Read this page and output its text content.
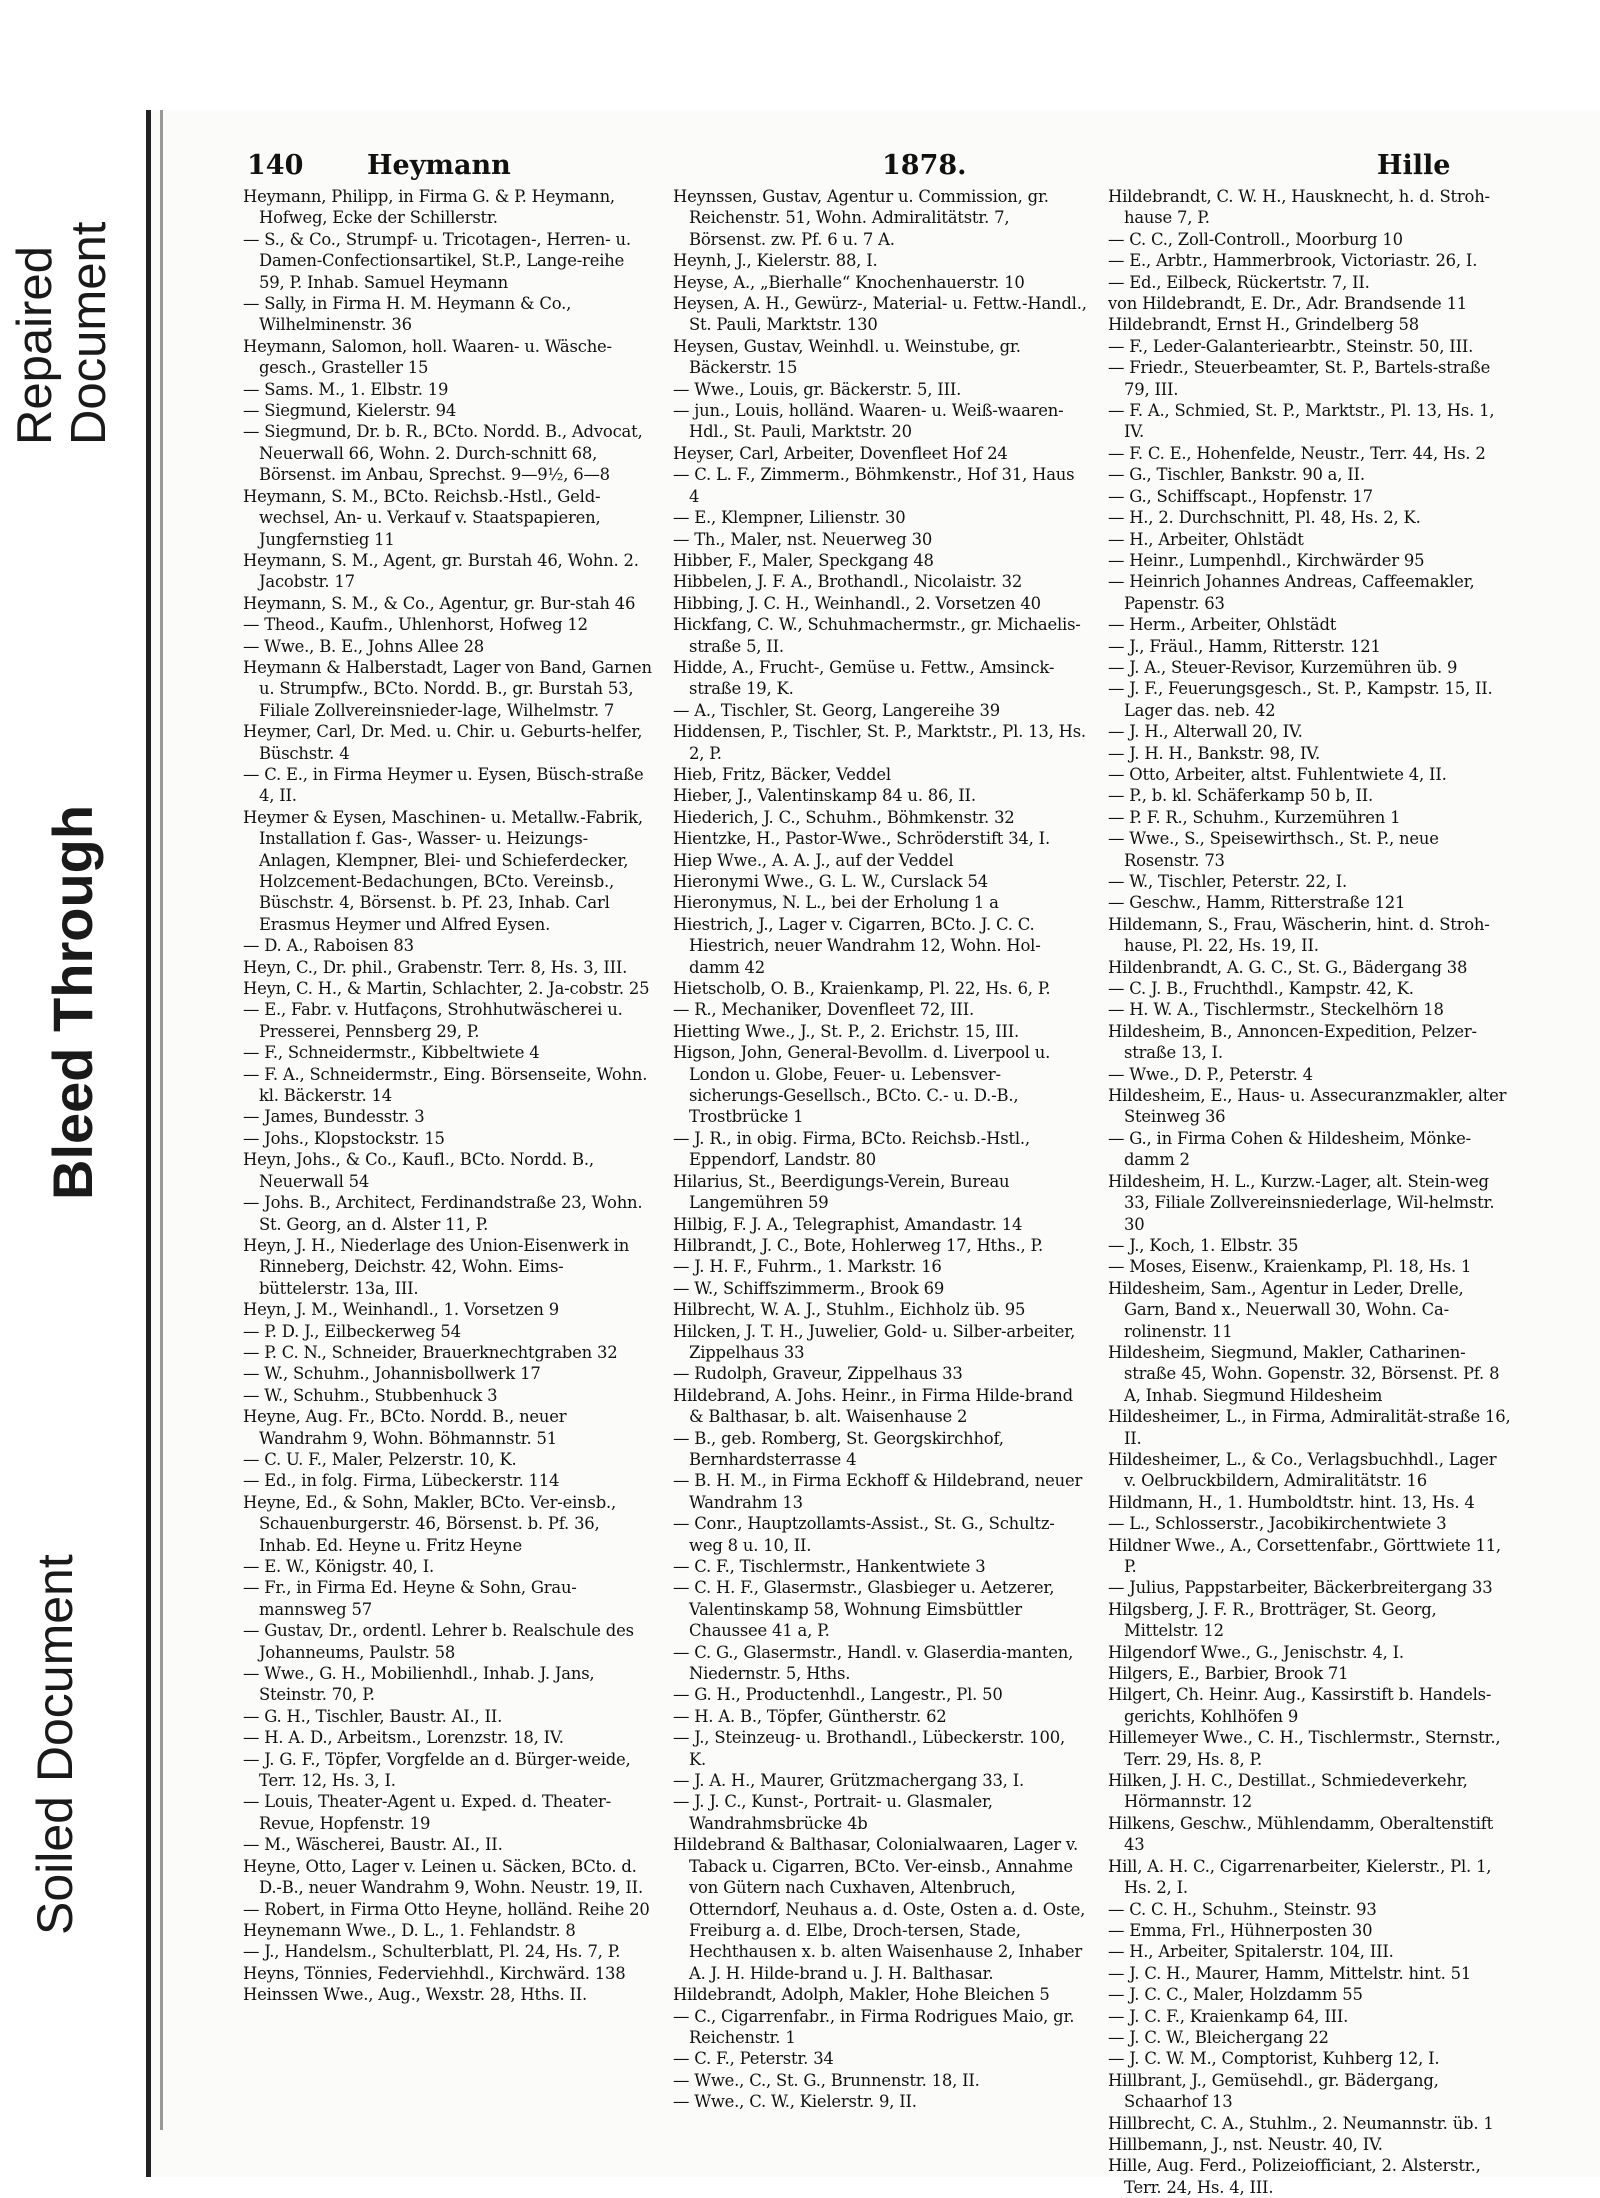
Repaired Document
Bleed Through
Soiled Document
140 Heymann	1878.	Hille
Heymann, Philipp, in Firma G. & P. Heymann, Hofweg, Ecke der Schillerstr.
— S., & Co., Strumpf- u. Tricotagen-, Herren- u. Damen-Confectionsartikel, St.P., Lange-reihe 59, P. Inhab. Samuel Heymann
— Sally, in Firma H. M. Heymann & Co., Wilhelminenstr. 36
Heymann, Salomon, holl. Waaren- u. Wäsche-gesch., Grasteller 15
— Sams. M., 1. Elbstr. 19
— Siegmund, Kielerstr. 94
— Siegmund, Dr. b. R., BCto. Nordd. B., Advocat, Neuerwall 66, Wohn. 2. Durch-schnitt 68, Börsenst. im Anbau, Sprechst. 9—9½, 6—8
Heymann, S. M., BCto. Reichsb.-Hstl., Geld-wechsel, An- u. Verkauf v. Staatspapieren, Jungfernstieg 11
Heymann, S. M., Agent, gr. Burstah 46, Wohn. 2. Jacobstr. 17
Heymann, S. M., & Co., Agentur, gr. Bur-stah 46
— Theod., Kaufm., Uhlenhorst, Hofweg 12
— Wwe., B. E., Johns Allee 28
Heymann & Halberstadt, Lager von Band, Garnen u. Strumpfw., BCto. Nordd. B., gr. Burstah 53, Filiale Zollvereinsnieder-lage, Wilhelmstr. 7
Heymer, Carl, Dr. Med. u. Chir. u. Geburts-helfer, Büschstr. 4
— C. E., in Firma Heymer u. Eysen, Büsch-straße 4, II.
Heymer & Eysen, Maschinen- u. Metallw.-Fabrik, Installation f. Gas-, Wasser- u. Heizungs-Anlagen, Klempner, Blei- und Schieferdecker, Holzcement-Bedachungen, BCto. Vereinsb., Büschstr. 4, Börsenst. b. Pf. 23, Inhab. Carl Erasmus Heymer und Alfred Eysen.
— D. A., Raboisen 83
Heyn, C., Dr. phil., Grabenstr. Terr. 8, Hs. 3, III.
Heyn, C. H., & Martin, Schlachter, 2. Ja-cobstr. 25
— E., Fabr. v. Hutfaçons, Strohhutwäscherei u. Presserei, Pennsberg 29, P.
— F., Schneidermstr., Kibbeltwiete 4
— F. A., Schneidermstr., Eing. Börsenseite, Wohn. kl. Bäckerstr. 14
— James, Bundesstr. 3
— Johs., Klopstockstr. 15
Heyn, Johs., & Co., Kaufl., BCto. Nordd. B., Neuerwall 54
— Johs. B., Architect, Ferdinandstraße 23, Wohn. St. Georg, an d. Alster 11, P.
Heyn, J. H., Niederlage des Union-Eisenwerk in Rinneberg, Deichstr. 42, Wohn. Eims-büttelerstr. 13a, III.
Heyn, J. M., Weinhandl., 1. Vorsetzen 9
— P. D. J., Eilbeckerweg 54
— P. C. N., Schneider, Brauerknechtgraben 32
— W., Schuhm., Johannisbollwerk 17
— W., Schuhm., Stubbenhuck 3
Heyne, Aug. Fr., BCto. Nordd. B., neuer Wandrahm 9, Wohn. Böhmannstr. 51
— C. U. F., Maler, Pelzerstr. 10, K.
— Ed., in folg. Firma, Lübeckerstr. 114
Heyne, Ed., & Sohn, Makler, BCto. Ver-einsb., Schauenburgerstr. 46, Börsenst. b. Pf. 36, Inhab. Ed. Heyne u. Fritz Heyne
— E. W., Königstr. 40, I.
— Fr., in Firma Ed. Heyne & Sohn, Grau-mannsweg 57
— Gustav, Dr., ordentl. Lehrer b. Realschule des Johanneums, Paulstr. 58
— Wwe., G. H., Mobilienhdl., Inhab. J. Jans, Steinstr. 70, P.
— G. H., Tischler, Baustr. AI., II.
— H. A. D., Arbeitsm., Lorenzstr. 18, IV.
— J. G. F., Töpfer, Vorgfelde an d. Bürger-weide, Terr. 12, Hs. 3, I.
— Louis, Theater-Agent u. Exped. d. Theater-Revue, Hopfenstr. 19
— M., Wäscherei, Baustr. AI., II.
Heyne, Otto, Lager v. Leinen u. Säcken, BCto. d. D.-B., neuer Wandrahm 9, Wohn. Neustr. 19, II.
— Robert, in Firma Otto Heyne, holländ. Reihe 20
Heynemann Wwe., D. L., 1. Fehlandstr. 8
— J., Handelsm., Schulterblatt, Pl. 24, Hs. 7, P.
Heyns, Tönnies, Federviehhdl., Kirchwärd. 138
Heinssen Wwe., Aug., Wexstr. 28, Hths. II.
Heynssen, Gustav, Agentur u. Commission, gr. Reichenstr. 51, Wohn. Admiralitätstr. 7, Börsenst. zw. Pf. 6 u. 7 A.
Heynh, J., Kielerstr. 88, I.
Heyse, A., „Bierhalle“ Knochenhauerstr. 10
Heysen, A. H., Gewürz-, Material- u. Fettw.-Handl., St. Pauli, Marktstr. 130
Heysen, Gustav, Weinhdl. u. Weinstube, gr. Bäckerstr. 15
— Wwe., Louis, gr. Bäckerstr. 5, III.
— jun., Louis, holländ. Waaren- u. Weiß-waaren-Hdl., St. Pauli, Marktstr. 20
Heyser, Carl, Arbeiter, Dovenfleet Hof 24
— C. L. F., Zimmerm., Böhmkenstr., Hof 31, Haus 4
— E., Klempner, Lilienstr. 30
— Th., Maler, nst. Neuerweg 30
Hibber, F., Maler, Speckgang 48
Hibbelen, J. F. A., Brothandl., Nicolaistr. 32
Hibbing, J. C. H., Weinhandl., 2. Vorsetzen 40
Hickfang, C. W., Schuhmachermstr., gr. Michaelis-straße 5, II.
Hidde, A., Frucht-, Gemüse u. Fettw., Amsinck-straße 19, K.
— A., Tischler, St. Georg, Langereihe 39
Hiddensen, P., Tischler, St. P., Marktstr., Pl. 13, Hs. 2, P.
Hieb, Fritz, Bäcker, Veddel
Hieber, J., Valentinskamp 84 u. 86, II.
Hiederich, J. C., Schuhm., Böhmkenstr. 32
Hientzke, H., Pastor-Wwe., Schröderstift 34, I.
Hiep Wwe., A. A. J., auf der Veddel
Hieronymi Wwe., G. L. W., Curslack 54
Hieronymus, N. L., bei der Erholung 1 a
Hiestrich, J., Lager v. Cigarren, BCto. J. C. C. Hiestrich, neuer Wandrahm 12, Wohn. Hol-damm 42
Hietscholb, O. B., Kraienkamp, Pl. 22, Hs. 6, P.
— R., Mechaniker, Dovenfleet 72, III.
Hietting Wwe., J., St. P., 2. Erichstr. 15, III.
Higson, John, General-Bevollm. d. Liverpool u. London u. Globe, Feuer- u. Lebensver-sicherungs-Gesellsch., BCto. C.- u. D.-B., Trostbrücke 1
— J. R., in obig. Firma, BCto. Reichsb.-Hstl., Eppendorf, Landstr. 80
Hilarius, St., Beerdigungs-Verein, Bureau Langemühren 59
Hilbig, F. J. A., Telegraphist, Amandastr. 14
Hilbrandt, J. C., Bote, Hohlerweg 17, Hths., P.
— J. H. F., Fuhrm., 1. Markstr. 16
— W., Schiffszimmerm., Brook 69
Hilbrecht, W. A. J., Stuhlm., Eichholz üb. 95
Hilcken, J. T. H., Juwelier, Gold- u. Silber-arbeiter, Zippelhaus 33
— Rudolph, Graveur, Zippelhaus 33
Hildebrand, A. Johs. Heinr., in Firma Hilde-brand & Balthasar, b. alt. Waisenhause 2
— B., geb. Romberg, St. Georgskirchhof, Bernhardsterrasse 4
— B. H. M., in Firma Eckhoff & Hildebrand, neuer Wandrahm 13
— Conr., Hauptzollamts-Assist., St. G., Schultz-weg 8 u. 10, II.
— C. F., Tischlermstr., Hankentwiete 3
— C. H. F., Glasermstr., Glasbieger u. Aetzerer, Valentinskamp 58, Wohnung Eimsbüttler Chaussee 41 a, P.
— C. G., Glasermstr., Handl. v. Glaserdia-manten, Niedernstr. 5, Hths.
— G. H., Productenhdl., Langestr., Pl. 50
— H. A. B., Töpfer, Güntherstr. 62
— J., Steinzeug- u. Brothandl., Lübeckerstr. 100, K.
— J. A. H., Maurer, Grützmachergang 33, I.
— J. J. C., Kunst-, Portrait- u. Glasmaler, Wandrahmsbrücke 4b
Hildebrand & Balthasar, Colonialwaaren, Lager v. Taback u. Cigarren, BCto. Ver-einsb., Annahme von Gütern nach Cuxhaven, Altenbruch, Otterndorf, Neuhaus a. d. Oste, Osten a. d. Oste, Freiburg a. d. Elbe, Droch-tersen, Stade, Hechthausen x. b. alten Waisenhause 2, Inhaber A. J. H. Hilde-brand u. J. H. Balthasar.
Hildebrandt, Adolph, Makler, Hohe Bleichen 5
— C., Cigarrenfabr., in Firma Rodrigues Maio, gr. Reichenstr. 1
— C. F., Peterstr. 34
— Wwe., C., St. G., Brunnenstr. 18, II.
— Wwe., C. W., Kielerstr. 9, II.
Hildebrandt, C. W. H., Hausknecht, h. d. Stroh-hause 7, P.
— C. C., Zoll-Controll., Moorburg 10
— E., Arbtr., Hammerbrook, Victoriastr. 26, I.
— Ed., Eilbeck, Rückertstr. 7, II.
von Hildebrandt, E. Dr., Adr. Brandsende 11
Hildebrandt, Ernst H., Grindelberg 58
— F., Leder-Galanteriearbtr., Steinstr. 50, III.
— Friedr., Steuerbeamter, St. P., Bartels-straße 79, III.
— F. A., Schmied, St. P., Marktstr., Pl. 13, Hs. 1, IV.
— F. C. E., Hohenfelde, Neustr., Terr. 44, Hs. 2
— G., Tischler, Bankstr. 90 a, II.
— G., Schiffscapt., Hopfenstr. 17
— H., 2. Durchschnitt, Pl. 48, Hs. 2, K.
— H., Arbeiter, Ohlstädt
— Heinr., Lumpenhdl., Kirchwärder 95
— Heinrich Johannes Andreas, Caffeemakler, Papenstr. 63
— Herm., Arbeiter, Ohlstädt
— J., Fräul., Hamm, Ritterstr. 121
— J. A., Steuer-Revisor, Kurzemühren üb. 9
— J. F., Feuerungsgesch., St. P., Kampstr. 15, II. Lager das. neb. 42
— J. H., Alterwall 20, IV.
— J. H. H., Bankstr. 98, IV.
— Otto, Arbeiter, altst. Fuhlentwiete 4, II.
— P., b. kl. Schäferkamp 50 b, II.
— P. F. R., Schuhm., Kurzemühren 1
— Wwe., S., Speisewirthsch., St. P., neue Rosenstr. 73
— W., Tischler, Peterstr. 22, I.
— Geschw., Hamm, Ritterstraße 121
Hildemann, S., Frau, Wäscherin, hint. d. Stroh-hause, Pl. 22, Hs. 19, II.
Hildenbrandt, A. G. C., St. G., Bädergang 38
— C. J. B., Fruchthdl., Kampstr. 42, K.
— H. W. A., Tischlermstr., Steckelhörn 18
Hildesheim, B., Annoncen-Expedition, Pelzer-straße 13, I.
— Wwe., D. P., Peterstr. 4
Hildesheim, E., Haus- u. Assecuranzmakler, alter Steinweg 36
— G., in Firma Cohen & Hildesheim, Mönke-damm 2
Hildesheim, H. L., Kurzw.-Lager, alt. Stein-weg 33, Filiale Zollvereinsniederlage, Wil-helmstr. 30
— J., Koch, 1. Elbstr. 35
— Moses, Eisenw., Kraienkamp, Pl. 18, Hs. 1
Hildesheim, Sam., Agentur in Leder, Drelle, Garn, Band x., Neuerwall 30, Wohn. Ca-rolinenstr. 11
Hildesheim, Siegmund, Makler, Catharinen-straße 45, Wohn. Gopenstr. 32, Börsenst. Pf. 8 A, Inhab. Siegmund Hildesheim
Hildesheimer, L., in Firma, Admiralität-straße 16, II.
Hildesheimer, L., & Co., Verlagsbuchhdl., Lager v. Oelbruckbildern, Admiralitätstr. 16
Hildmann, H., 1. Humboldtstr. hint. 13, Hs. 4
— L., Schlosserstr., Jacobikirchentwiete 3
Hildner Wwe., A., Corsettenfabr., Görttwiete 11, P.
— Julius, Pappstarbeiter, Bäckerbreitergang 33
Hilgsberg, J. F. R., Brotträger, St. Georg, Mittelstr. 12
Hilgendorf Wwe., G., Jenischstr. 4, I.
Hilgers, E., Barbier, Brook 71
Hilgert, Ch. Heinr. Aug., Kassirstift b. Handels-gerichts, Kohlhöfen 9
Hillemeyer Wwe., C. H., Tischlermstr., Sternstr., Terr. 29, Hs. 8, P.
Hilken, J. H. C., Destillat., Schmiedeverkehr, Hörmannstr. 12
Hilkens, Geschw., Mühlendamm, Oberaltenstift 43
Hill, A. H. C., Cigarrenarbeiter, Kielerstr., Pl. 1, Hs. 2, I.
— C. C. H., Schuhm., Steinstr. 93
— Emma, Frl., Hühnerposten 30
— H., Arbeiter, Spitalerstr. 104, III.
— J. C. H., Maurer, Hamm, Mittelstr. hint. 51
— J. C. C., Maler, Holzdamm 55
— J. C. F., Kraienkamp 64, III.
— J. C. W., Bleichergang 22
— J. C. W. M., Comptorist, Kuhberg 12, I.
Hillbrant, J., Gemüsehdl., gr. Bädergang, Schaarhof 13
Hillbrecht, C. A., Stuhlm., 2. Neumannstr. üb. 1
Hillbemann, J., nst. Neustr. 40, IV.
Hille, Aug. Ferd., Polizeiofficiant, 2. Alsterstr., Terr. 24, Hs. 4, III.
